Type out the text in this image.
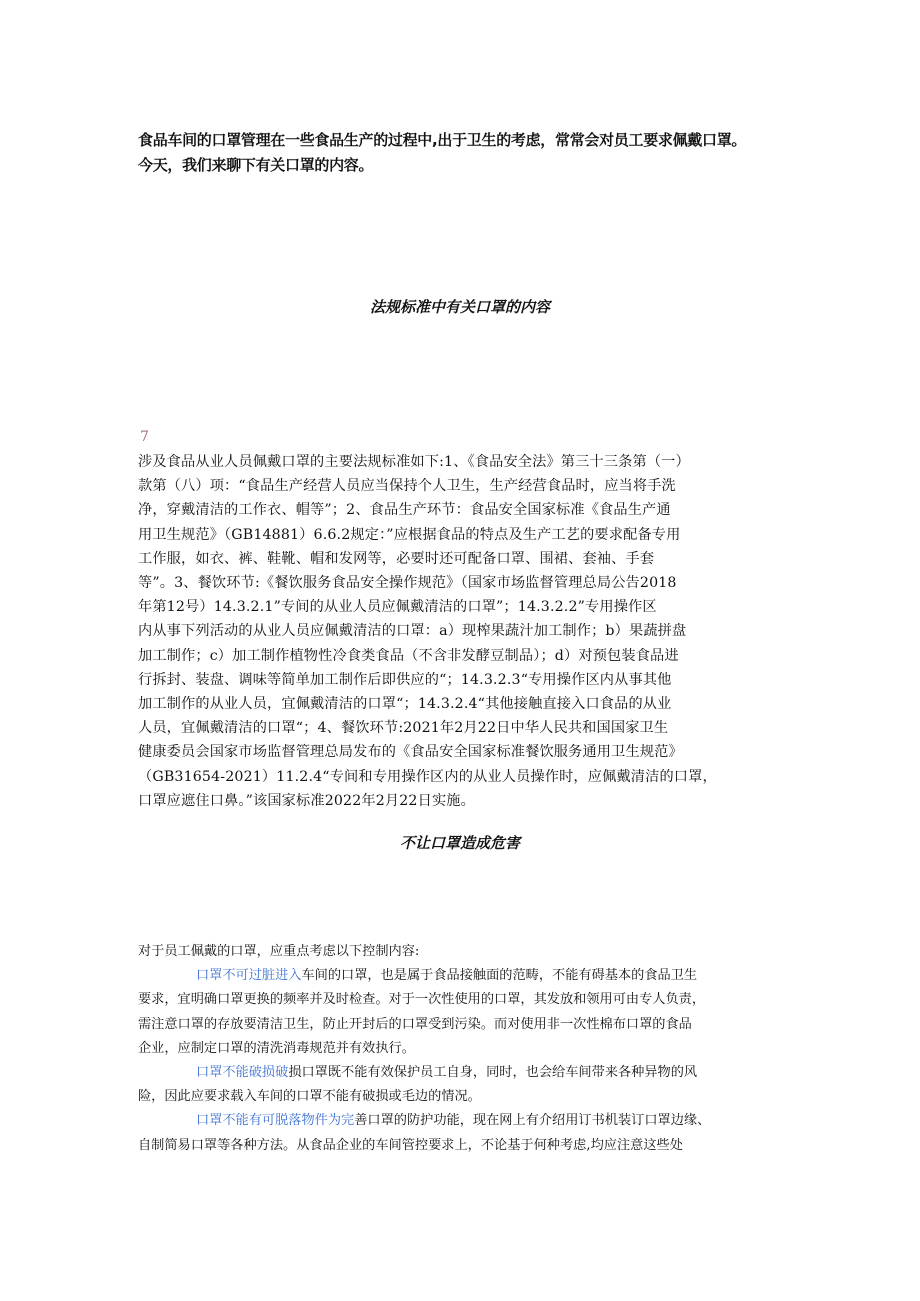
食品车间的口罩管理在一些食品生产的过程中,出于卫生的考虑，常常会对员工要求佩戴口罩。
今天，我们来聊下有关口罩的内容。
法规标准中有关口罩的内容
7
涉及食品从业人员佩戴口罩的主要法规标准如下:1、《食品安全法》第三十三条第（一）
款第（八）项：“食品生产经营人员应当保持个人卫生，生产经营食品时，应当将手洗
净，穿戴清洁的工作衣、帽等”；2、食品生产环节：食品安全国家标准《食品生产通
用卫生规范》（GB14881）6.6.2规定：”应根据食品的特点及生产工艺的要求配备专用
工作服，如衣、裤、鞋靴、帽和发网等，必要时还可配备口罩、围裙、套袖、手套
等”。3、餐饮环节:《餐饮服务食品安全操作规范》（国家市场监督管理总局公告2018
年第12号）14.3.2.1”专间的从业人员应佩戴清洁的口罩”；14.3.2.2”专用操作区
内从事下列活动的从业人员应佩戴清洁的口罩：a）现榨果蔬汁加工制作；b）果蔬拼盘
加工制作；c）加工制作植物性冷食类食品（不含非发酵豆制品）；d）对预包装食品进
行拆封、装盘、调味等简单加工制作后即供应的“；14.3.2.3“专用操作区内从事其他
加工制作的从业人员，宜佩戴清洁的口罩“；14.3.2.4“其他接触直接入口食品的从业
人员，宜佩戴清洁的口罩“；4、餐饮环节:2021年2月22日中华人民共和国国家卫生
健康委员会国家市场监督管理总局发布的《食品安全国家标准餐饮服务通用卫生规范》
（GB31654-2021）11.2.4“专间和专用操作区内的从业人员操作时，应佩戴清洁的口罩，
口罩应遮住口鼻。”该国家标准2022年2月22日实施。
不让口罩造成危害
对于员工佩戴的口罩，应重点考虑以下控制内容:
口罩不可过脏进入车间的口罩，也是属于食品接触面的范畴，不能有碍基本的食品卫生
要求，宜明确口罩更换的频率并及时检查。对于一次性使用的口罩，其发放和领用可由专人负责，
需注意口罩的存放要清洁卫生，防止开封后的口罩受到污染。而对使用非一次性棉布口罩的食品
企业，应制定口罩的清洗消毒规范并有效执行。
口罩不能破损破损口罩既不能有效保护员工自身，同时，也会给车间带来各种异物的风
险，因此应要求载入车间的口罩不能有破损或毛边的情况。
口罩不能有可脱落物件为完善口罩的防护功能，现在网上有介绍用订书机装订口罩边缘、
自制简易口罩等各种方法。从食品企业的车间管控要求上，不论基于何种考虑,均应注意这些处
